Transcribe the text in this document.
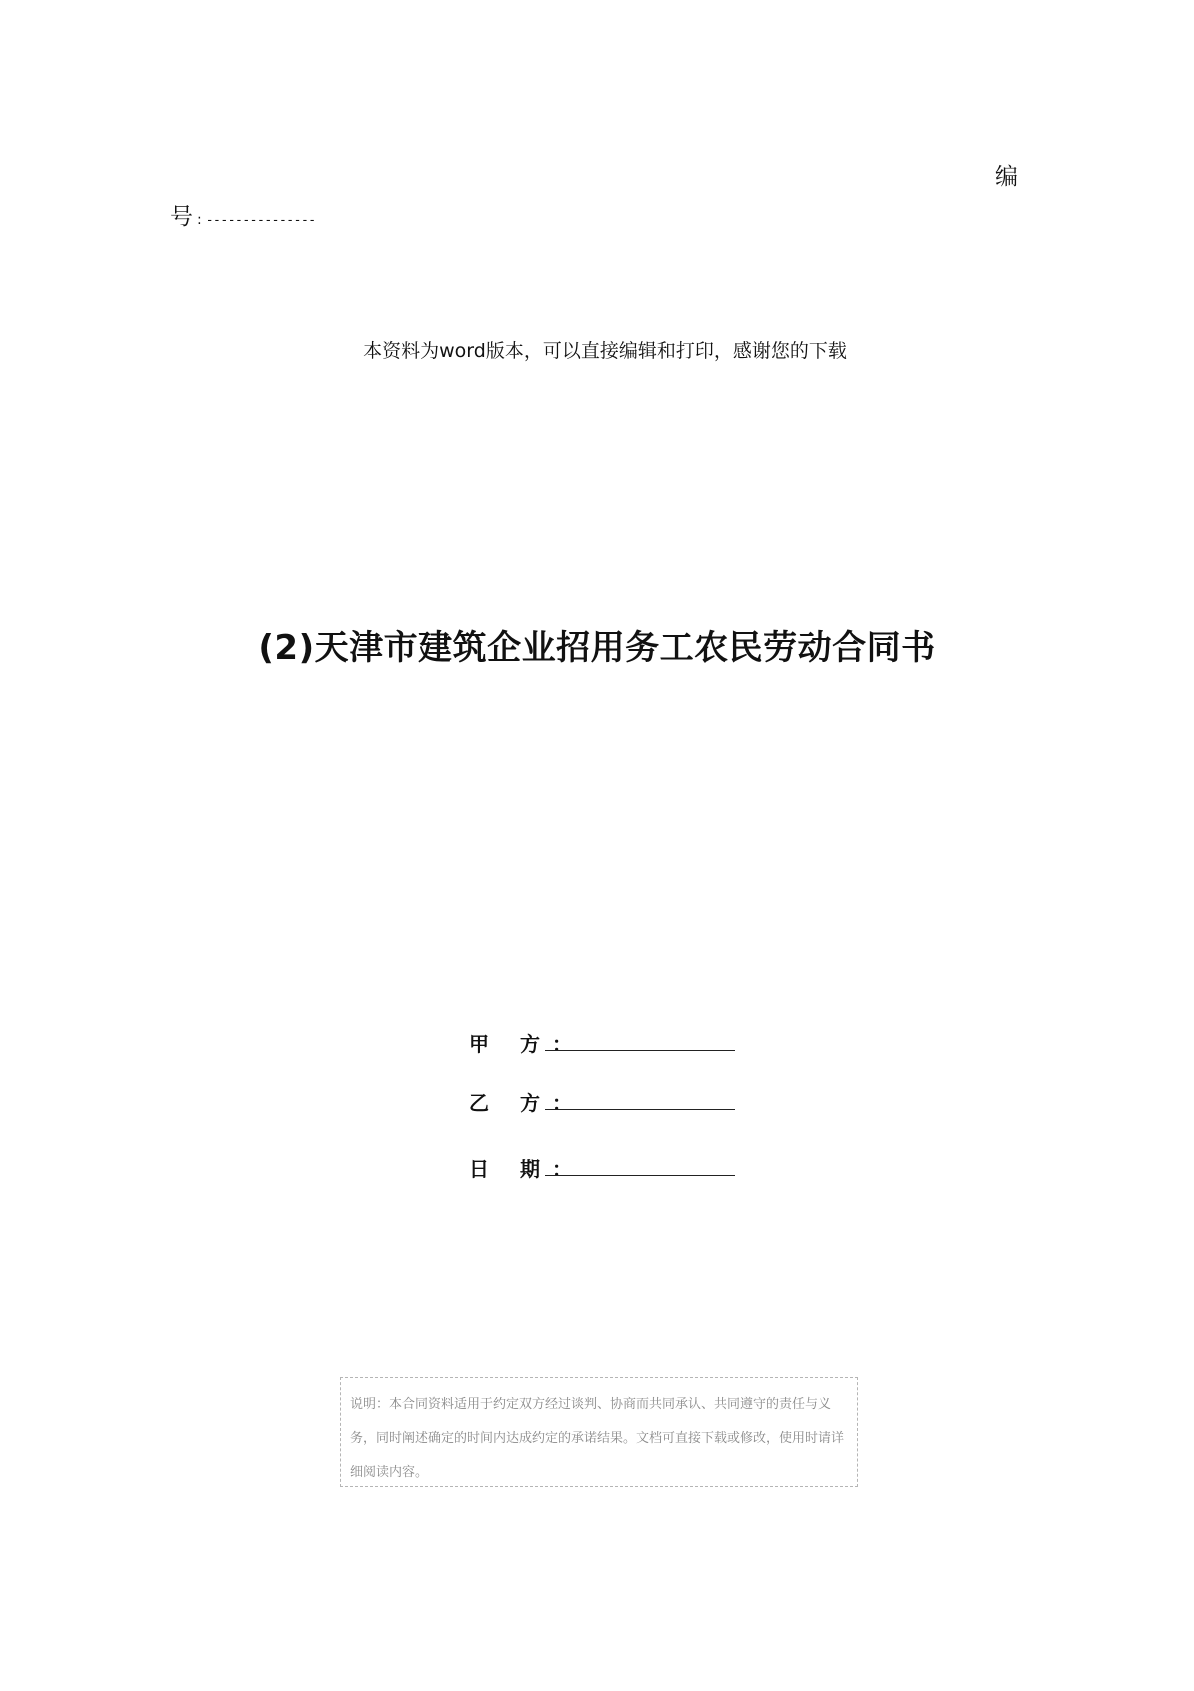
编
号 : ---------------
本资料为word版本，可以直接编辑和打印，感谢您的下载
(2)天津市建筑企业招用务工农民劳动合同书
甲 方：
乙 方：
日 期：
说明：本合同资料适用于约定双方经过谈判、协商而共同承认、共同遵守的责任与义务，同时阐述确定的时间内达成约定的承诺结果。文档可直接下载或修改，使用时请详细阅读内容。
